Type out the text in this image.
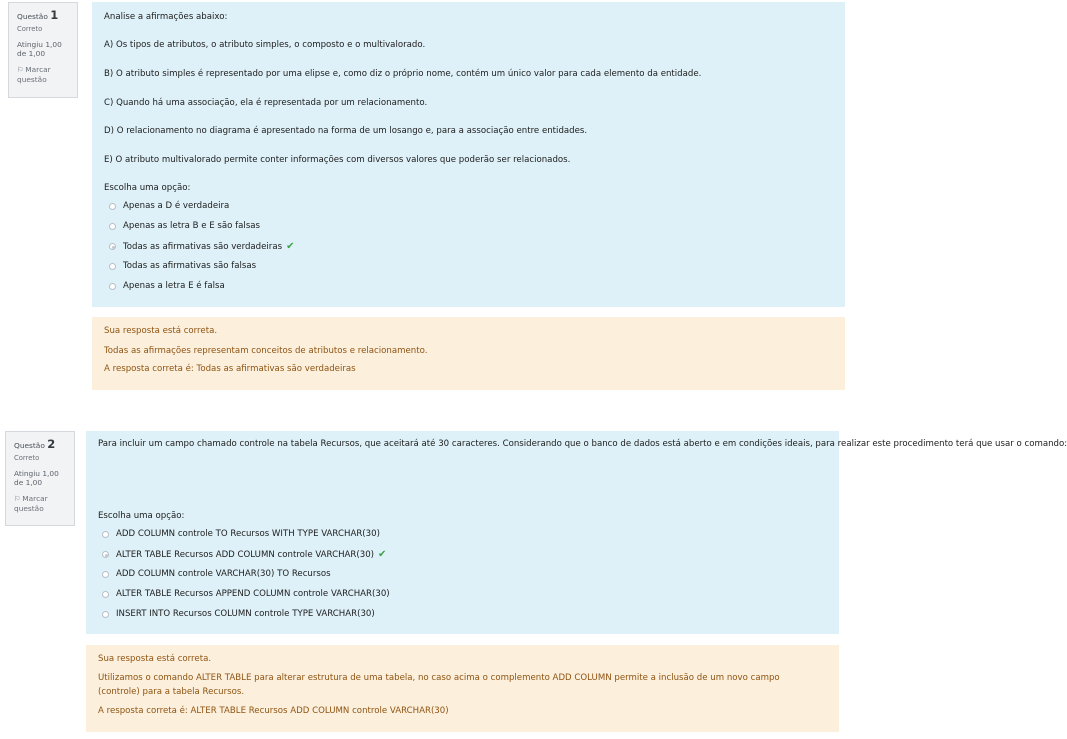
Questão 1
Correto
Atingiu 1,00 de 1,00
⚐ Marcar questão

Analise a afirmações abaixo:

A) Os tipos de atributos, o atributo simples, o composto e o multivalorado.

B) O atributo simples é representado por uma elipse e, como diz o próprio nome, contém um único valor para cada elemento da entidade.

C) Quando há uma associação, ela é representada por um relacionamento.

D) O relacionamento no diagrama é apresentado na forma de um losango e, para a associação entre entidades.

E) O atributo multivalorado permite conter informações com diversos valores que poderão ser relacionados.

Escolha uma opção:

Apenas a D é verdadeira
Apenas as letra B e E são falsas
Todas as afirmativas são verdadeiras ✔
Todas as afirmativas são falsas
Apenas a letra E é falsa

Sua resposta está correta.

Todas as afirmações representam conceitos de atributos e relacionamento.

A resposta correta é: Todas as afirmativas são verdadeiras

Questão 2
Correto
Atingiu 1,00 de 1,00
⚐ Marcar questão

Para incluir um campo chamado controle na tabela Recursos, que aceitará até 30 caracteres. Considerando que o banco de dados está aberto e em condições ideais, para realizar este procedimento terá que usar o comando:

Escolha uma opção:

ADD COLUMN controle TO Recursos WITH TYPE VARCHAR(30)
ALTER TABLE Recursos ADD COLUMN controle VARCHAR(30) ✔
ADD COLUMN controle VARCHAR(30) TO Recursos
ALTER TABLE Recursos APPEND COLUMN controle VARCHAR(30)
INSERT INTO Recursos COLUMN controle TYPE VARCHAR(30)

Sua resposta está correta.

Utilizamos o comando ALTER TABLE para alterar estrutura de uma tabela, no caso acima o complemento ADD COLUMN permite a inclusão de um novo campo (controle) para a tabela Recursos.

A resposta correta é: ALTER TABLE Recursos ADD COLUMN controle VARCHAR(30)
